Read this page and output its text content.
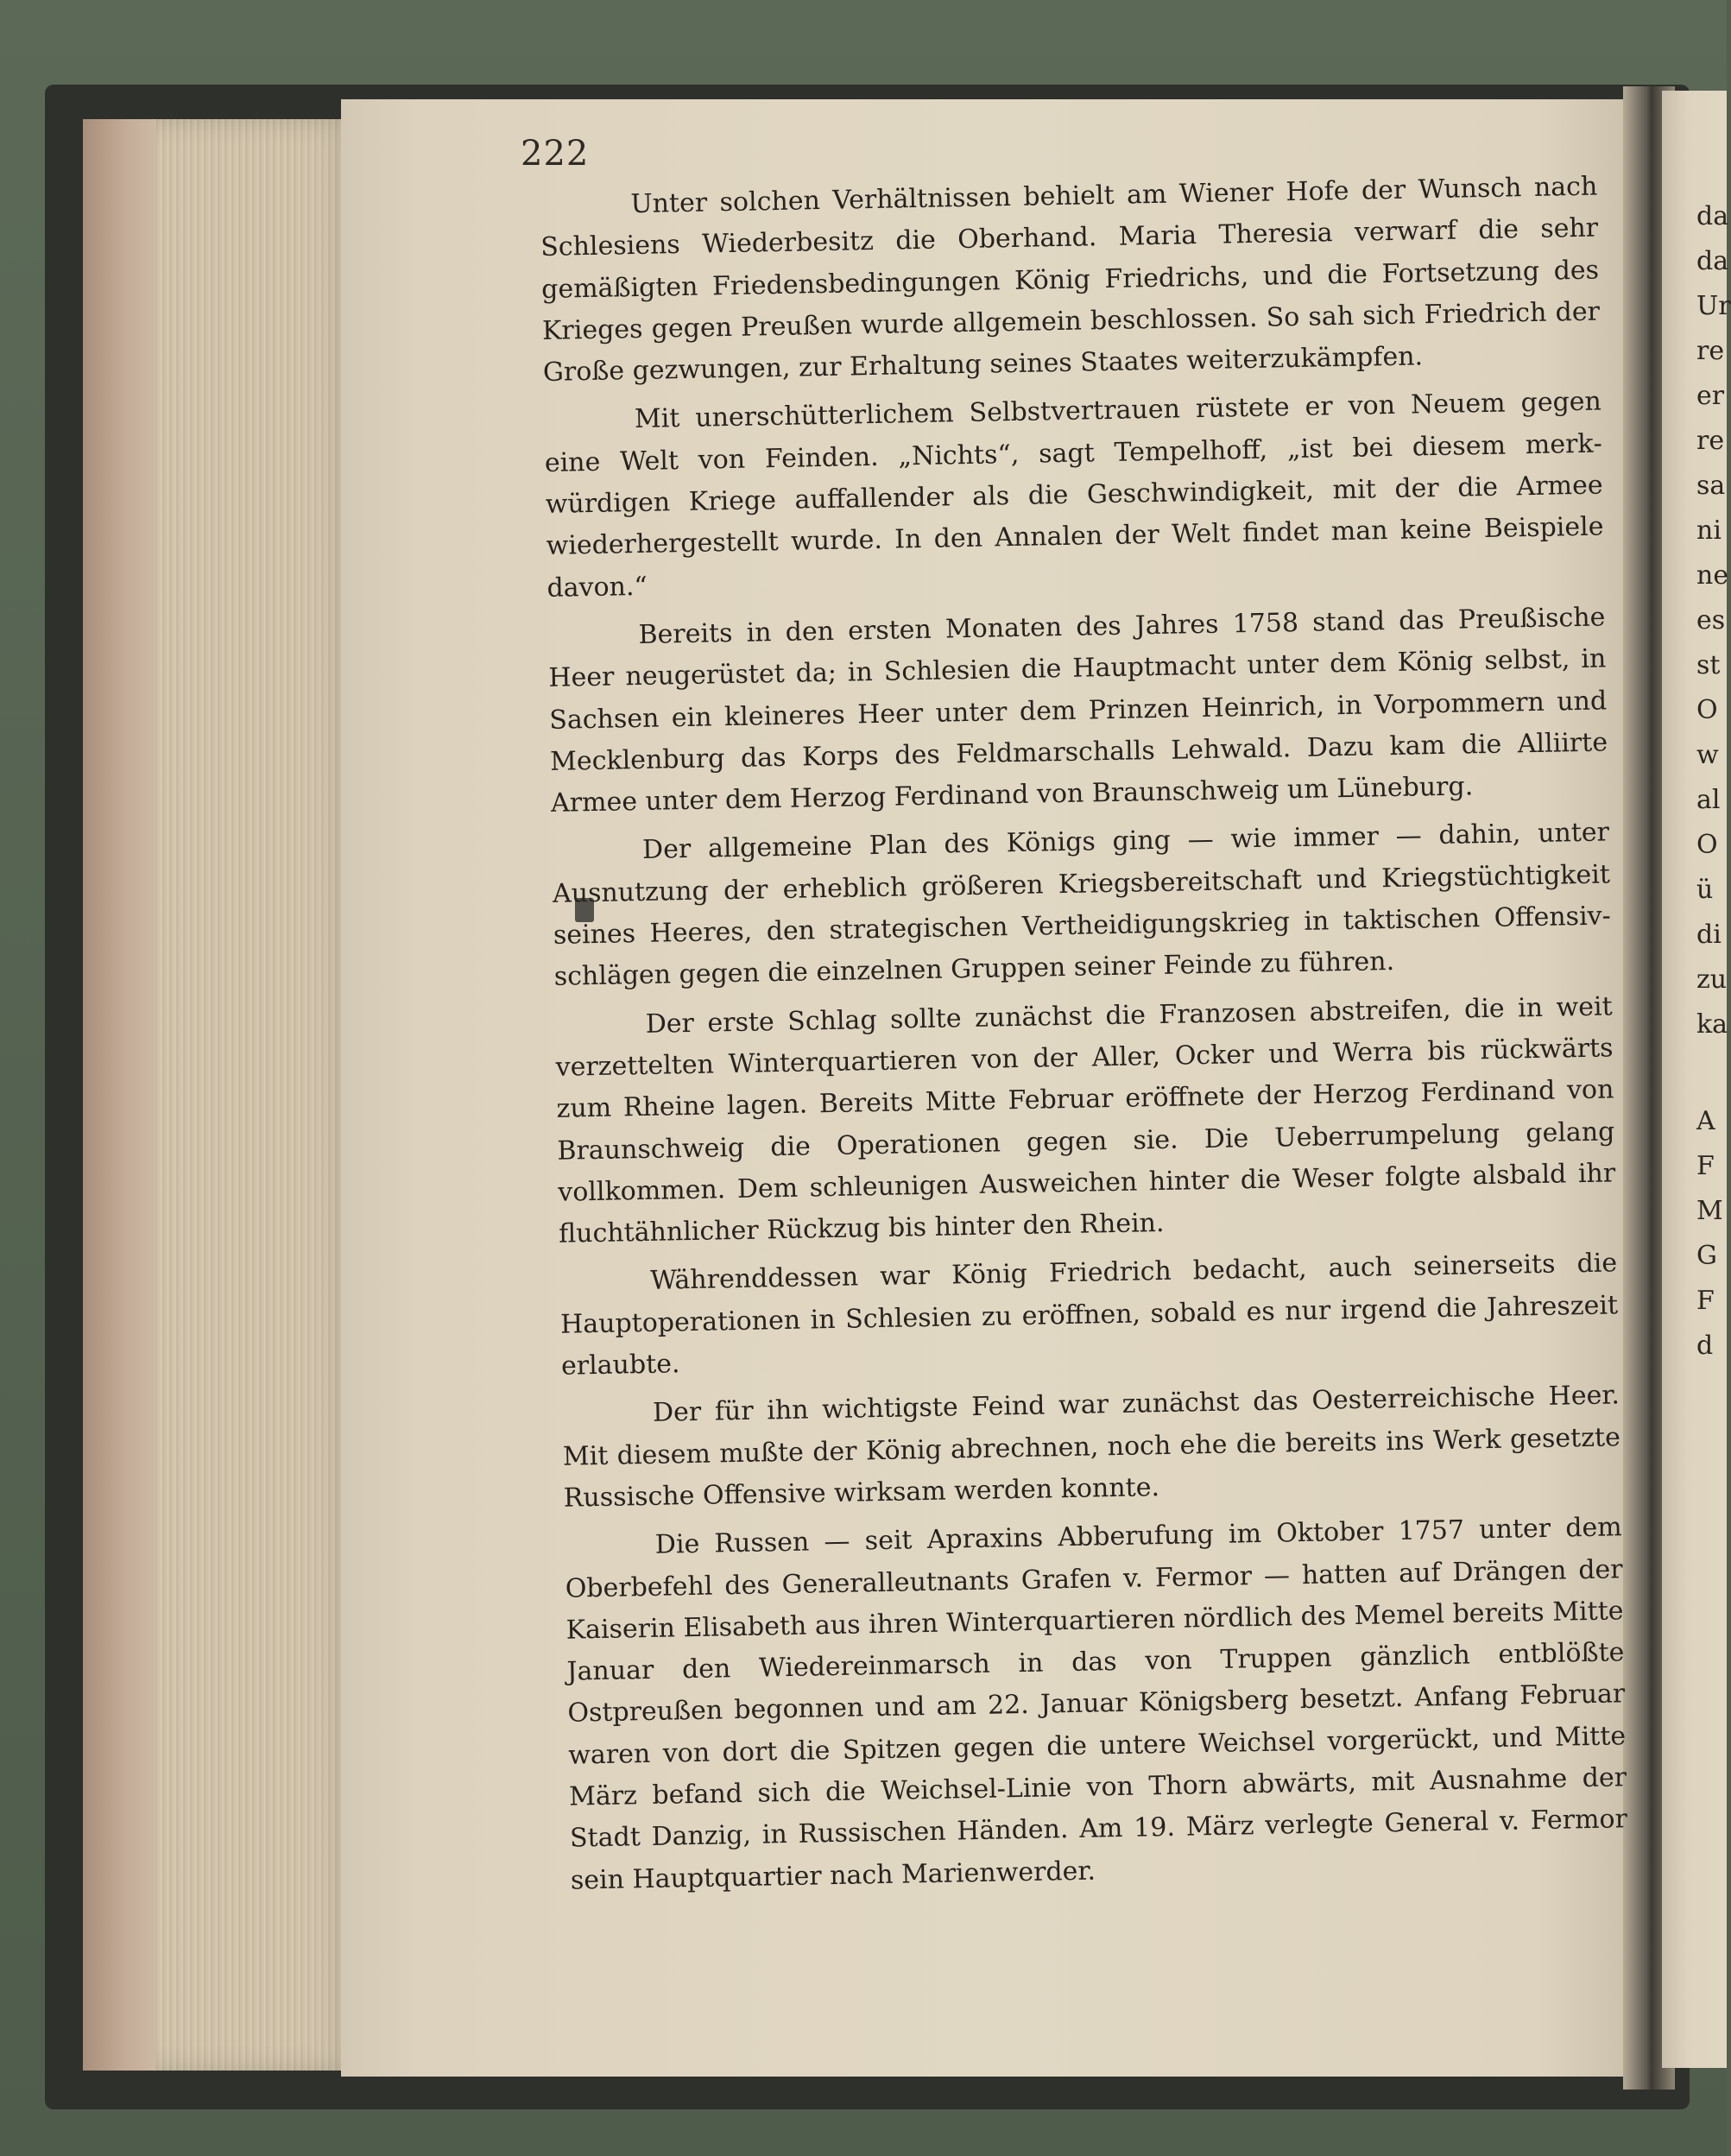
da
da
Ur
re
er
re
sa
ni
ne
es
st
O
w
al
O
ü
di
zu
ka
A
F
M
G
F
d
222

Unter solchen Verhältnissen behielt am Wiener Hofe der Wunsch nach Schlesiens Wiederbesitz die Oberhand. Maria Theresia verwarf die sehr gemäßigten Friedensbedingungen König Friedrichs, und die Fortsetzung des Krieges gegen Preußen wurde allgemein beschlossen. So sah sich Friedrich der Große gezwungen, zur Erhaltung seines Staates weiterzukämpfen.

Mit unerschütterlichem Selbstvertrauen rüstete er von Neuem gegen eine Welt von Feinden. „Nichts“, sagt Tempelhoff, „ist bei diesem merkwürdigen Kriege auffallender als die Geschwindigkeit, mit der die Armee wiederhergestellt wurde. In den Annalen der Welt findet man keine Beispiele davon.“

Bereits in den ersten Monaten des Jahres 1758 stand das Preußische Heer neugerüstet da; in Schlesien die Hauptmacht unter dem König selbst, in Sachsen ein kleineres Heer unter dem Prinzen Heinrich, in Vorpommern und Mecklenburg das Korps des Feldmarschalls Lehwald. Dazu kam die Alliirte Armee unter dem Herzog Ferdinand von Braunschweig um Lüneburg.

Der allgemeine Plan des Königs ging — wie immer — dahin, unter Ausnutzung der erheblich größeren Kriegsbereitschaft und Kriegstüchtigkeit seines Heeres, den strategischen Vertheidigungskrieg in taktischen Offensivschlägen gegen die einzelnen Gruppen seiner Feinde zu führen.

Der erste Schlag sollte zunächst die Franzosen abstreifen, die in weit verzettelten Winterquartieren von der Aller, Ocker und Werra bis rückwärts zum Rheine lagen. Bereits Mitte Februar eröffnete der Herzog Ferdinand von Braunschweig die Operationen gegen sie. Die Ueberrumpelung gelang vollkommen. Dem schleunigen Ausweichen hinter die Weser folgte alsbald ihr fluchtähnlicher Rückzug bis hinter den Rhein.

Währenddessen war König Friedrich bedacht, auch seinerseits die Hauptoperationen in Schlesien zu eröffnen, sobald es nur irgend die Jahreszeit erlaubte.

Der für ihn wichtigste Feind war zunächst das Oesterreichische Heer. Mit diesem mußte der König abrechnen, noch ehe die bereits ins Werk gesetzte Russische Offensive wirksam werden konnte.

Die Russen — seit Apraxins Abberufung im Oktober 1757 unter dem Oberbefehl des Generalleutnants Grafen v. Fermor — hatten auf Drängen der Kaiserin Elisabeth aus ihren Winterquartieren nördlich des Memel bereits Mitte Januar den Wiedereinmarsch in das von Truppen gänzlich entblößte Ostpreußen begonnen und am 22. Januar Königsberg besetzt. Anfang Februar waren von dort die Spitzen gegen die untere Weichsel vorgerückt, und Mitte März befand sich die Weichsel-Linie von Thorn abwärts, mit Ausnahme der Stadt Danzig, in Russischen Händen. Am 19. März verlegte General v. Fermor sein Hauptquartier nach Marienwerder.
